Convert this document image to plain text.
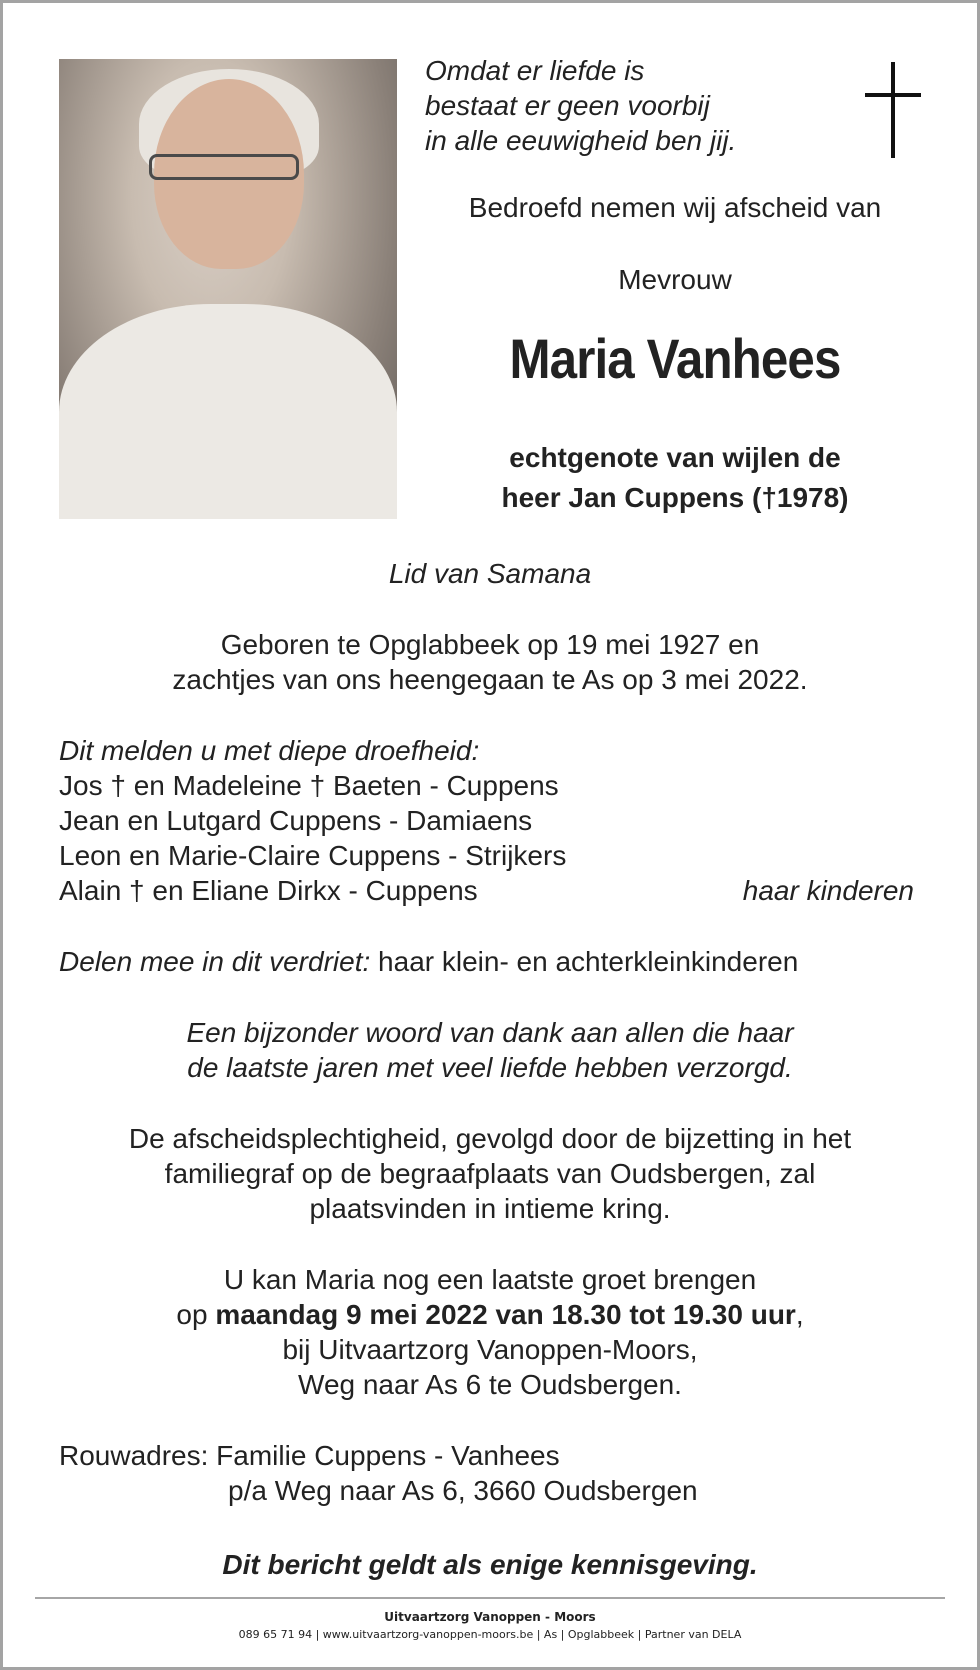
Omdat er liefde is

bestaat er geen voorbij

in alle eeuwigheid ben jij.

Bedroefd nemen wij afscheid van

Mevrouw

Maria Vanhees

echtgenote van wijlen de

heer Jan Cuppens (†1978)

Lid van Samana

Geboren te Opglabbeek op 19 mei 1927 en

zachtjes van ons heengegaan te As op 3 mei 2022.

Dit melden u met diepe droefheid:

Jos † en Madeleine † Baeten - Cuppens

Jean en Lutgard Cuppens - Damiaens

Leon en Marie-Claire Cuppens - Strijkers

Alain † en Eliane Dirkx - Cuppens	haar kinderen

Delen mee in dit verdriet: haar klein- en achterkleinkinderen

Een bijzonder woord van dank aan allen die haar

de laatste jaren met veel liefde hebben verzorgd.

De afscheidsplechtigheid, gevolgd door de bijzetting in het

familiegraf op de begraafplaats van Oudsbergen, zal

plaatsvinden in intieme kring.

U kan Maria nog een laatste groet brengen

op maandag 9 mei 2022 van 18.30 tot 19.30 uur,

bij Uitvaartzorg Vanoppen-Moors,

Weg naar As 6 te Oudsbergen.

Rouwadres: Familie Cuppens - Vanhees

p/a Weg naar As 6, 3660 Oudsbergen

Dit bericht geldt als enige kennisgeving.

Uitvaartzorg Vanoppen - Moors

089 65 71 94 | www.uitvaartzorg-vanoppen-moors.be | As | Opglabbeek | Partner van DELA
